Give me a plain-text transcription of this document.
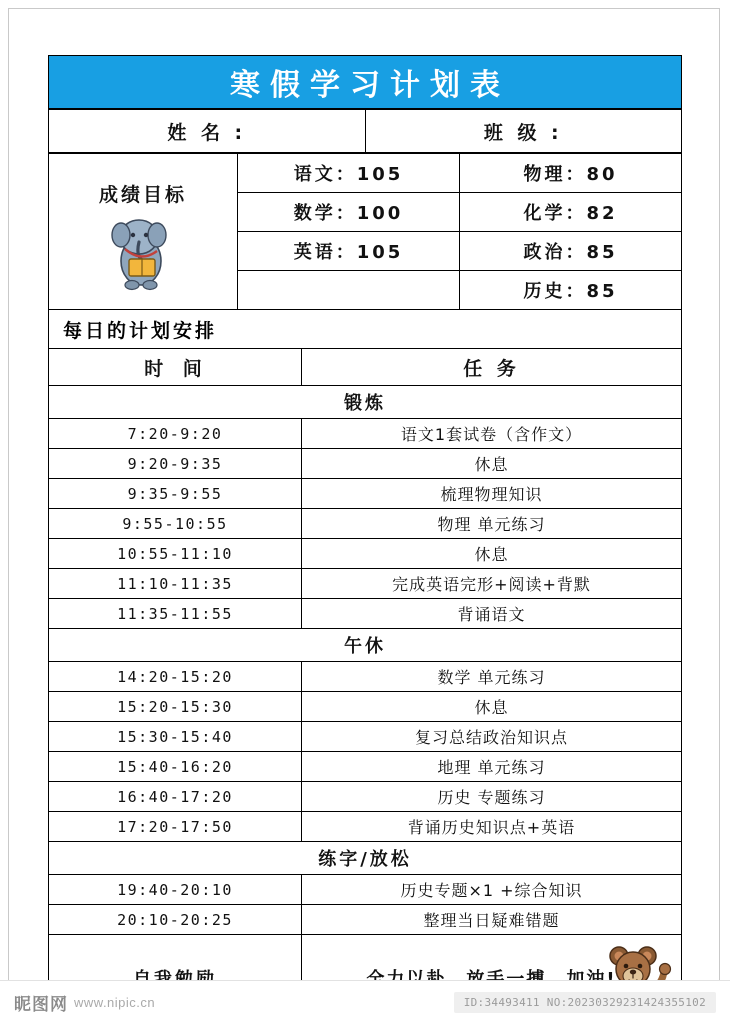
寒假学习计划表
姓 名 :	班 级 :
成绩目标	语文：105	物理：80
	数学：100	化学：82
	英语：105	政治：85
		历史：85
每日的计划安排
时 间	任 务
锻炼	
7:20-9:20	语文1套试卷（含作文）
9:20-9:35	休息
9:35-9:55	梳理物理知识
9:55-10:55	物理 单元练习
10:55-11:10	休息
11:10-11:35	完成英语完形+阅读+背默
11:35-11:55	背诵语文
午休	
14:20-15:20	数学 单元练习
15:20-15:30	休息
15:30-15:40	复习总结政治知识点
15:40-16:20	地理 单元练习
16:40-17:20	历史 专题练习
17:20-17:50	背诵历史知识点+英语
练字/放松	
19:40-20:10	历史专题×1 +综合知识
20:10-20:25	整理当日疑难错题

昵图网 www.nipic.cn	ID:34493411 NO:20230329231424355102
